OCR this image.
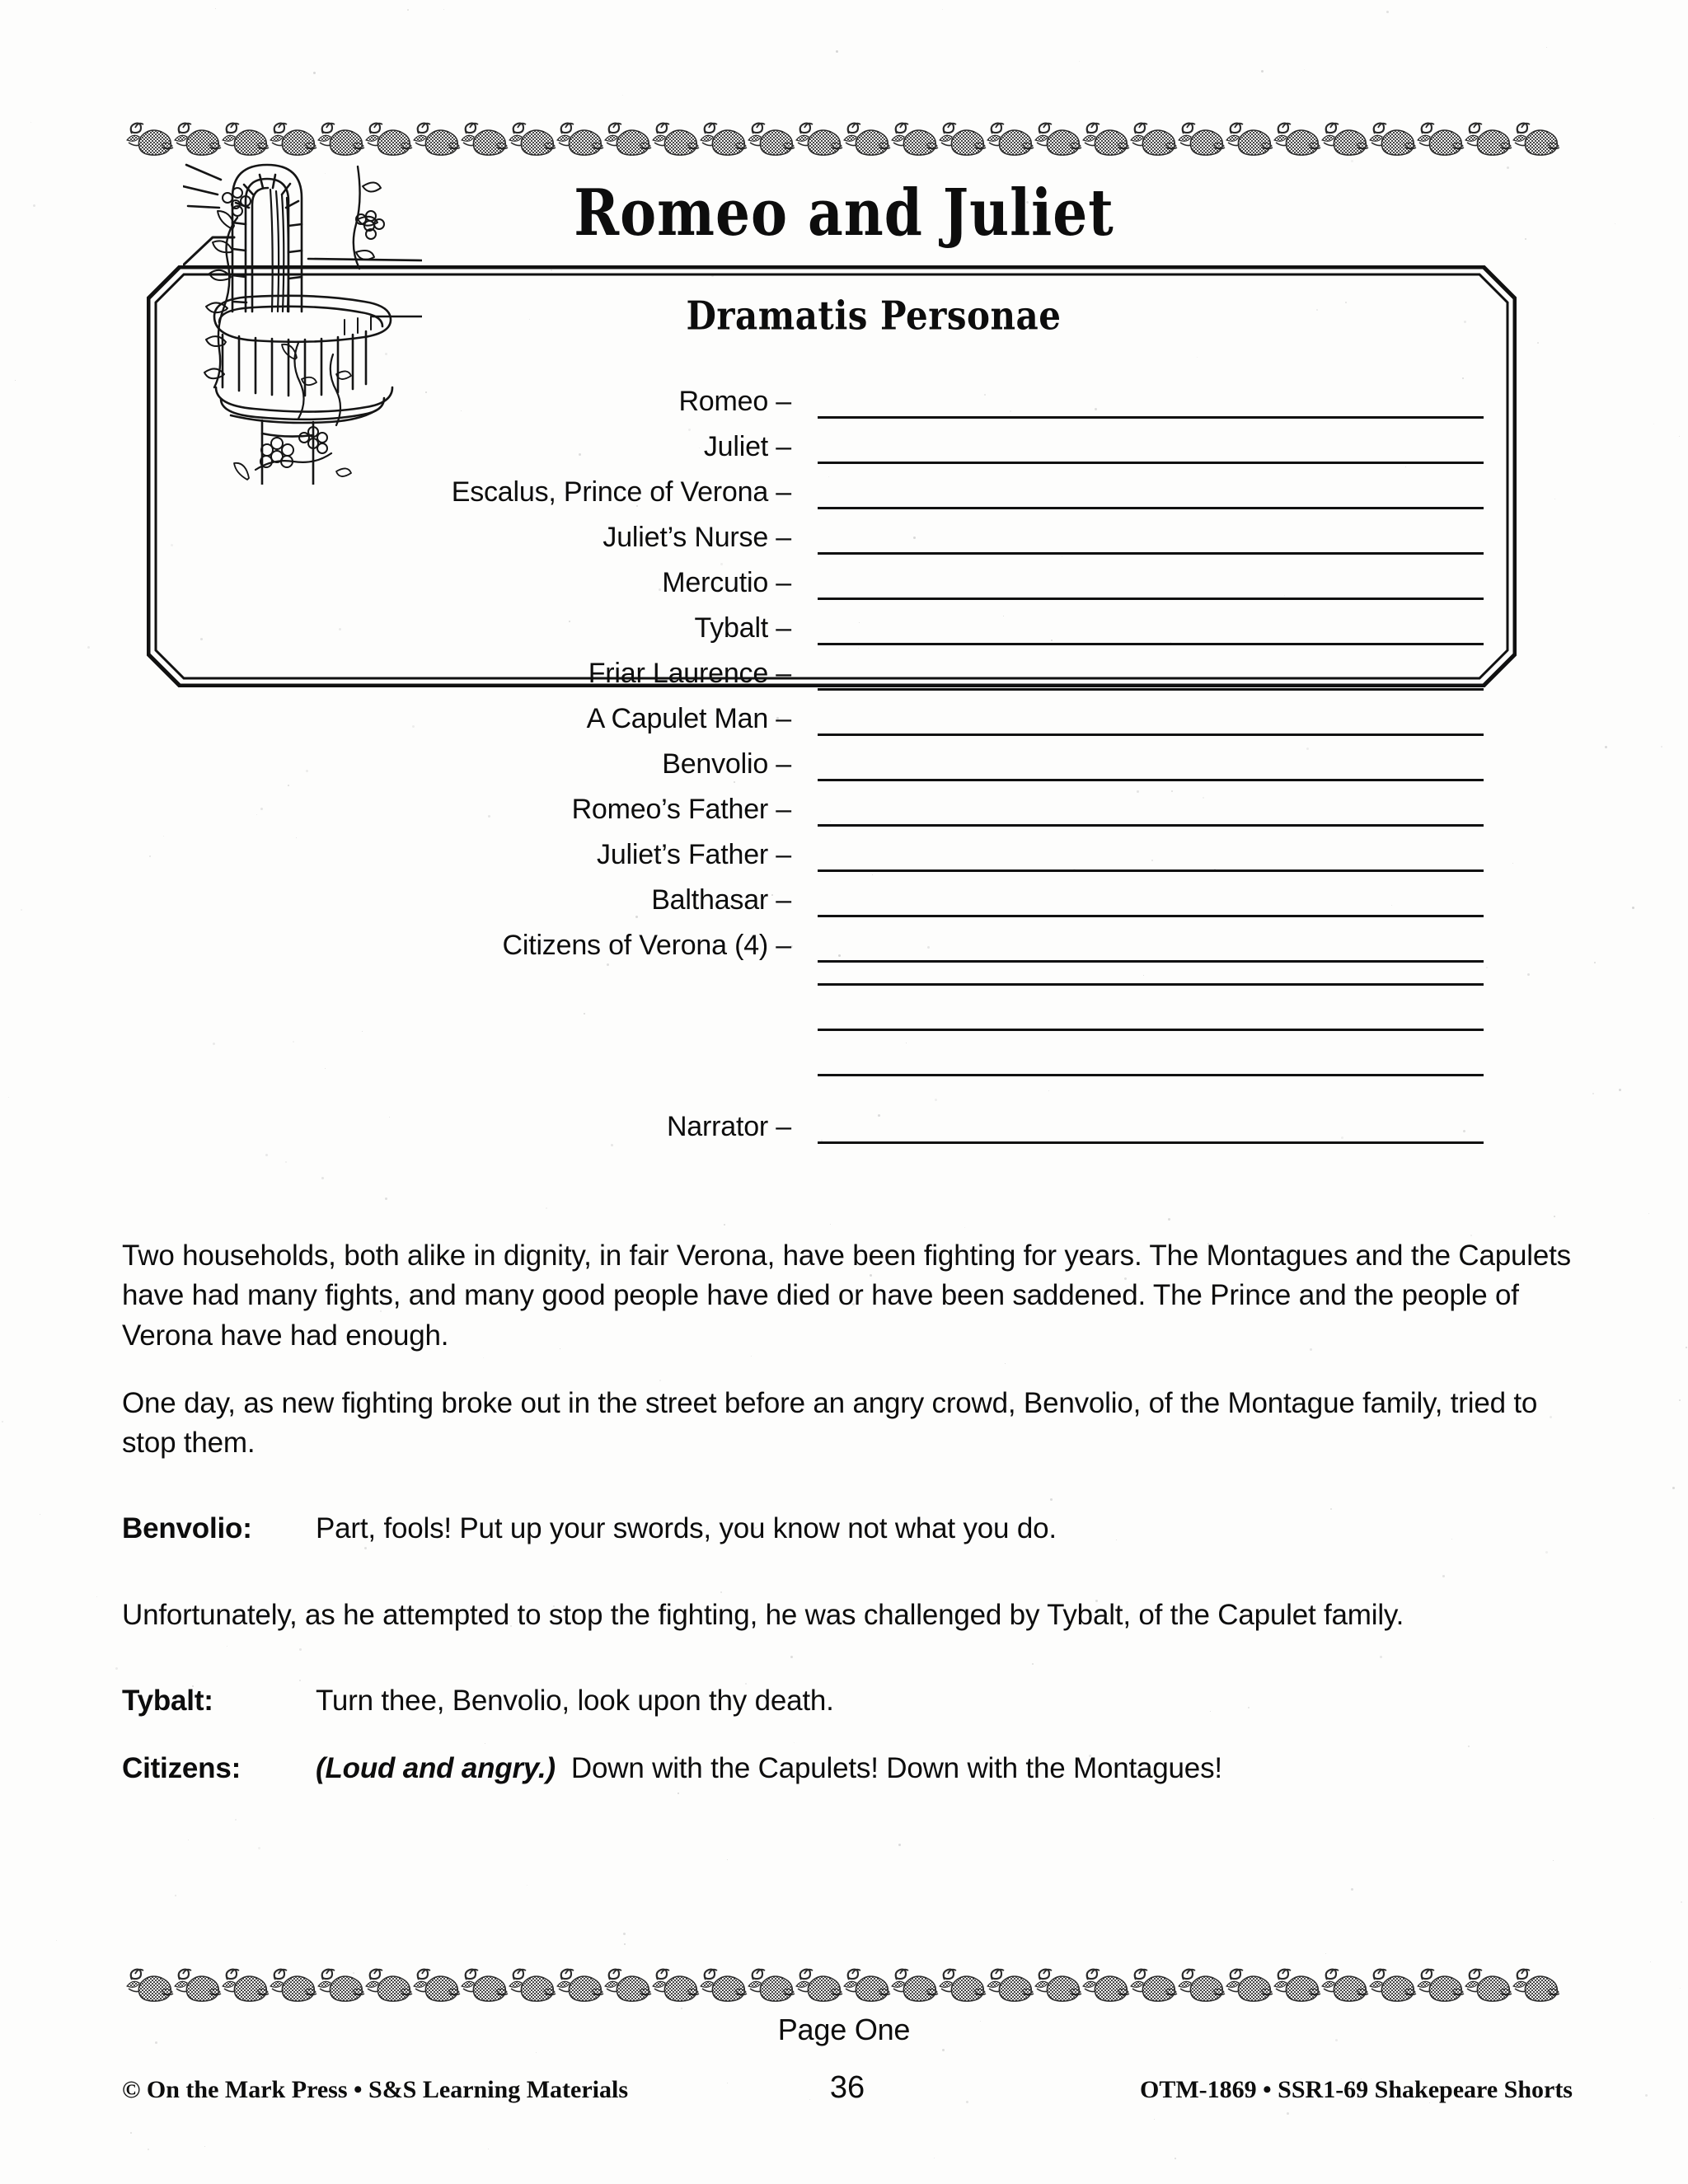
Romeo and Juliet
Dramatis Personae
Romeo –
Juliet –
Escalus, Prince of Verona –
Juliet’s Nurse –
Mercutio –
Tybalt –
Friar Laurence –
A Capulet Man –
Benvolio –
Romeo’s Father –
Juliet’s Father –
Balthasar –
Citizens of Verona (4) –
Narrator –

Two households, both alike in dignity, in fair Verona, have been fighting for years. The Montagues and the Capulets have had many fights, and many good people have died or have been saddened. The Prince and the people of Verona have had enough.

One day, as new fighting broke out in the street before an angry crowd, Benvolio, of the Montague family, tried to stop them.

Benvolio:	Part, fools! Put up your swords, you know not what you do.

Unfortunately, as he attempted to stop the fighting, he was challenged by Tybalt, of the Capulet family.

Tybalt:	Turn thee, Benvolio, look upon thy death.
Citizens:	(Loud and angry.) Down with the Capulets! Down with the Montagues!
Page One
© On the Mark Press • S&S Learning Materials	36	OTM-1869 • SSR1-69 Shakepeare Shorts
